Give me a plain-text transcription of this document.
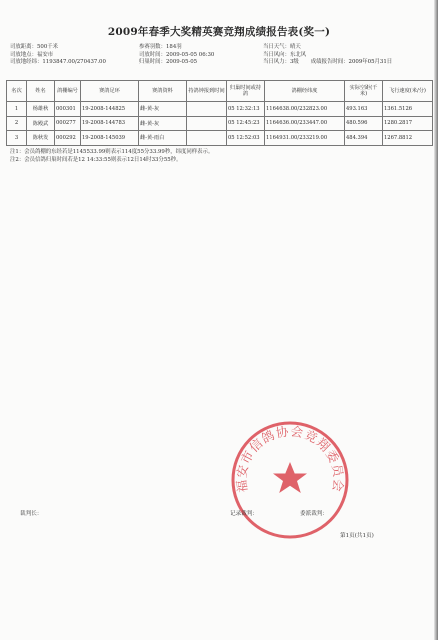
2009年春季大奖精英赛竞翔成绩报告表(奖一)
司放距离：500千米
司放地点：福安市
司放地经纬：1193847.00/270437.00
参赛羽数：184羽
司放时间：2009-05-05 06:30
归巢时间：2009-05-05
当日天气：晴天
当日风向：东北风
当日风力：3级 成绩报告时间：2009年05月31日
名次	姓名	鸽棚编号	赛鸽足环	赛鸽资料	持鸽钟报到时间	归巢时间或持鸽	鸽棚经纬度	实际空距(千米)	飞行速度(米/分)
1	杨雄秋	000301	19-2008-144825	雌-黄-灰		05 12:32:13	1164638.00/232823.00	493.163	1361.5126
2	陈殿武	000277	19-2008-144783	雌-黄-灰		05 12:45:23	1164636.00/233447.00	480.596	1280.2817
3	陈秋发	000292	19-2008-145039	雌-黄-雨白		05 12:52:03	1164931.00/233219.00	484.394	1267.8812
注1：会员鸽棚的东经若是1145533.99则表示114度55分33.99秒，纬度同样表示。
注2：会员信鸽归巢时间若是12 14:33:55则表示12日14时33分55秒。
福安市信鸽协会竞翔委员会
裁判长：	记录裁判：	委派裁判：
第1页(共1页)
